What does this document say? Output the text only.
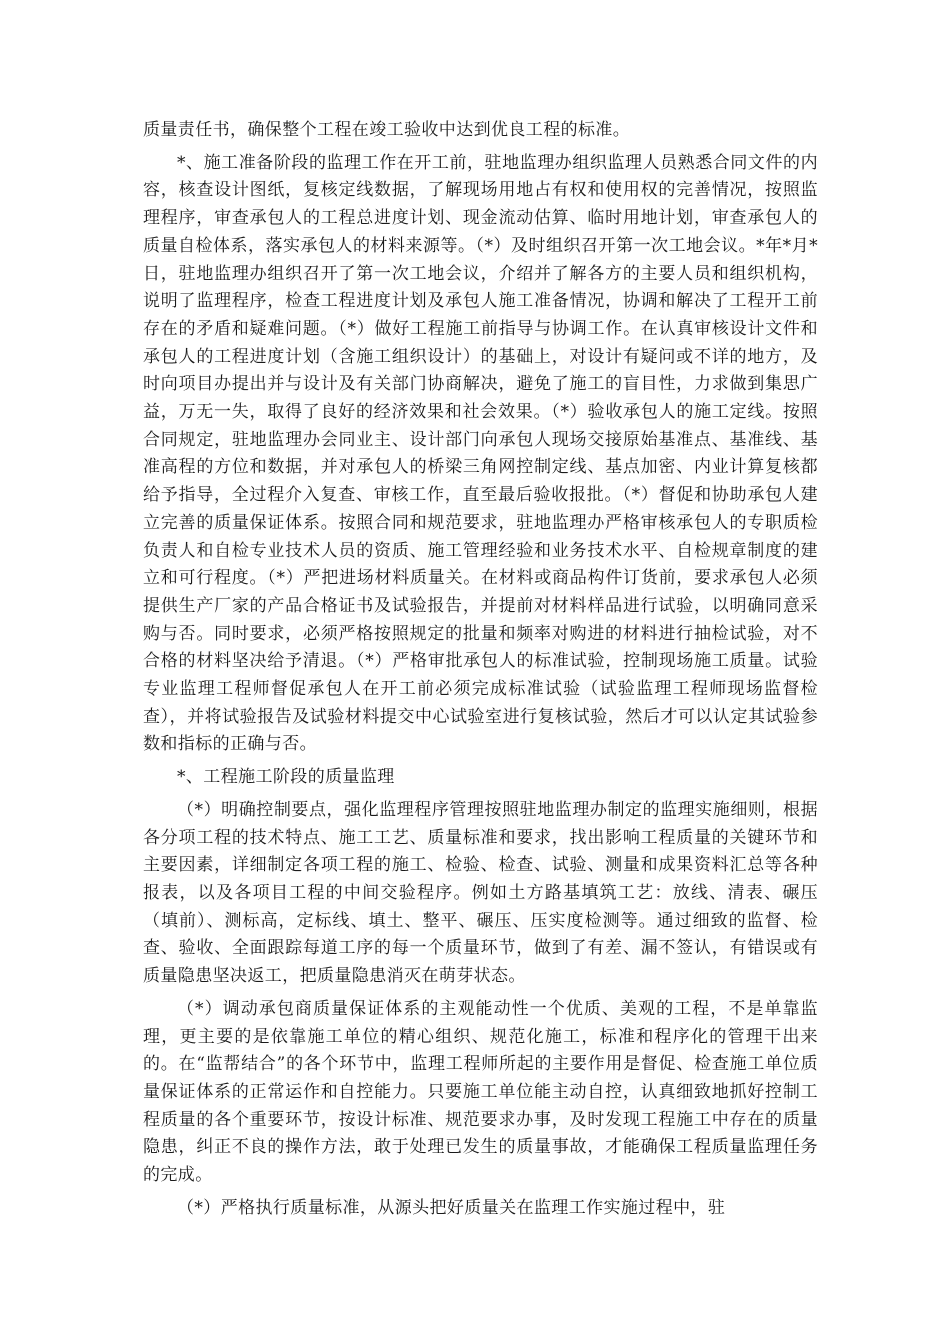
质量责任书，确保整个工程在竣工验收中达到优良工程的标准。

*、施工准备阶段的监理工作在开工前，驻地监理办组织监理人员熟悉合同文件的内容，核查设计图纸，复核定线数据，了解现场用地占有权和使用权的完善情况，按照监理程序，审查承包人的工程总进度计划、现金流动估算、临时用地计划，审查承包人的质量自检体系，落实承包人的材料来源等。（*）及时组织召开第一次工地会议。*年*月*日，驻地监理办组织召开了第一次工地会议，介绍并了解各方的主要人员和组织机构，说明了监理程序，检查工程进度计划及承包人施工准备情况，协调和解决了工程开工前存在的矛盾和疑难问题。（*）做好工程施工前指导与协调工作。在认真审核设计文件和承包人的工程进度计划（含施工组织设计）的基础上，对设计有疑问或不详的地方，及时向项目办提出并与设计及有关部门协商解决，避免了施工的盲目性，力求做到集思广益，万无一失，取得了良好的经济效果和社会效果。（*）验收承包人的施工定线。按照合同规定，驻地监理办会同业主、设计部门向承包人现场交接原始基准点、基准线、基准高程的方位和数据，并对承包人的桥梁三角网控制定线、基点加密、内业计算复核都给予指导，全过程介入复查、审核工作，直至最后验收报批。（*）督促和协助承包人建立完善的质量保证体系。按照合同和规范要求，驻地监理办严格审核承包人的专职质检负责人和自检专业技术人员的资质、施工管理经验和业务技术水平、自检规章制度的建立和可行程度。（*）严把进场材料质量关。在材料或商品构件订货前，要求承包人必须提供生产厂家的产品合格证书及试验报告，并提前对材料样品进行试验，以明确同意采购与否。同时要求，必须严格按照规定的批量和频率对购进的材料进行抽检试验，对不合格的材料坚决给予清退。（*）严格审批承包人的标准试验，控制现场施工质量。试验专业监理工程师督促承包人在开工前必须完成标准试验（试验监理工程师现场监督检查），并将试验报告及试验材料提交中心试验室进行复核试验，然后才可以认定其试验参数和指标的正确与否。

*、工程施工阶段的质量监理

（*）明确控制要点，强化监理程序管理按照驻地监理办制定的监理实施细则，根据各分项工程的技术特点、施工工艺、质量标准和要求，找出影响工程质量的关键环节和主要因素，详细制定各项工程的施工、检验、检查、试验、测量和成果资料汇总等各种报表，以及各项目工程的中间交验程序。例如土方路基填筑工艺：放线、清表、碾压（填前）、测标高，定标线、填土、整平、碾压、压实度检测等。通过细致的监督、检查、验收、全面跟踪每道工序的每一个质量环节，做到了有差、漏不签认，有错误或有质量隐患坚决返工，把质量隐患消灭在萌芽状态。

（*）调动承包商质量保证体系的主观能动性一个优质、美观的工程，不是单靠监理，更主要的是依靠施工单位的精心组织、规范化施工，标准和程序化的管理干出来的。在“监帮结合”的各个环节中，监理工程师所起的主要作用是督促、检查施工单位质量保证体系的正常运作和自控能力。只要施工单位能主动自控，认真细致地抓好控制工程质量的各个重要环节，按设计标准、规范要求办事，及时发现工程施工中存在的质量隐患，纠正不良的操作方法，敢于处理已发生的质量事故，才能确保工程质量监理任务的完成。

（*）严格执行质量标准，从源头把好质量关在监理工作实施过程中，驻
